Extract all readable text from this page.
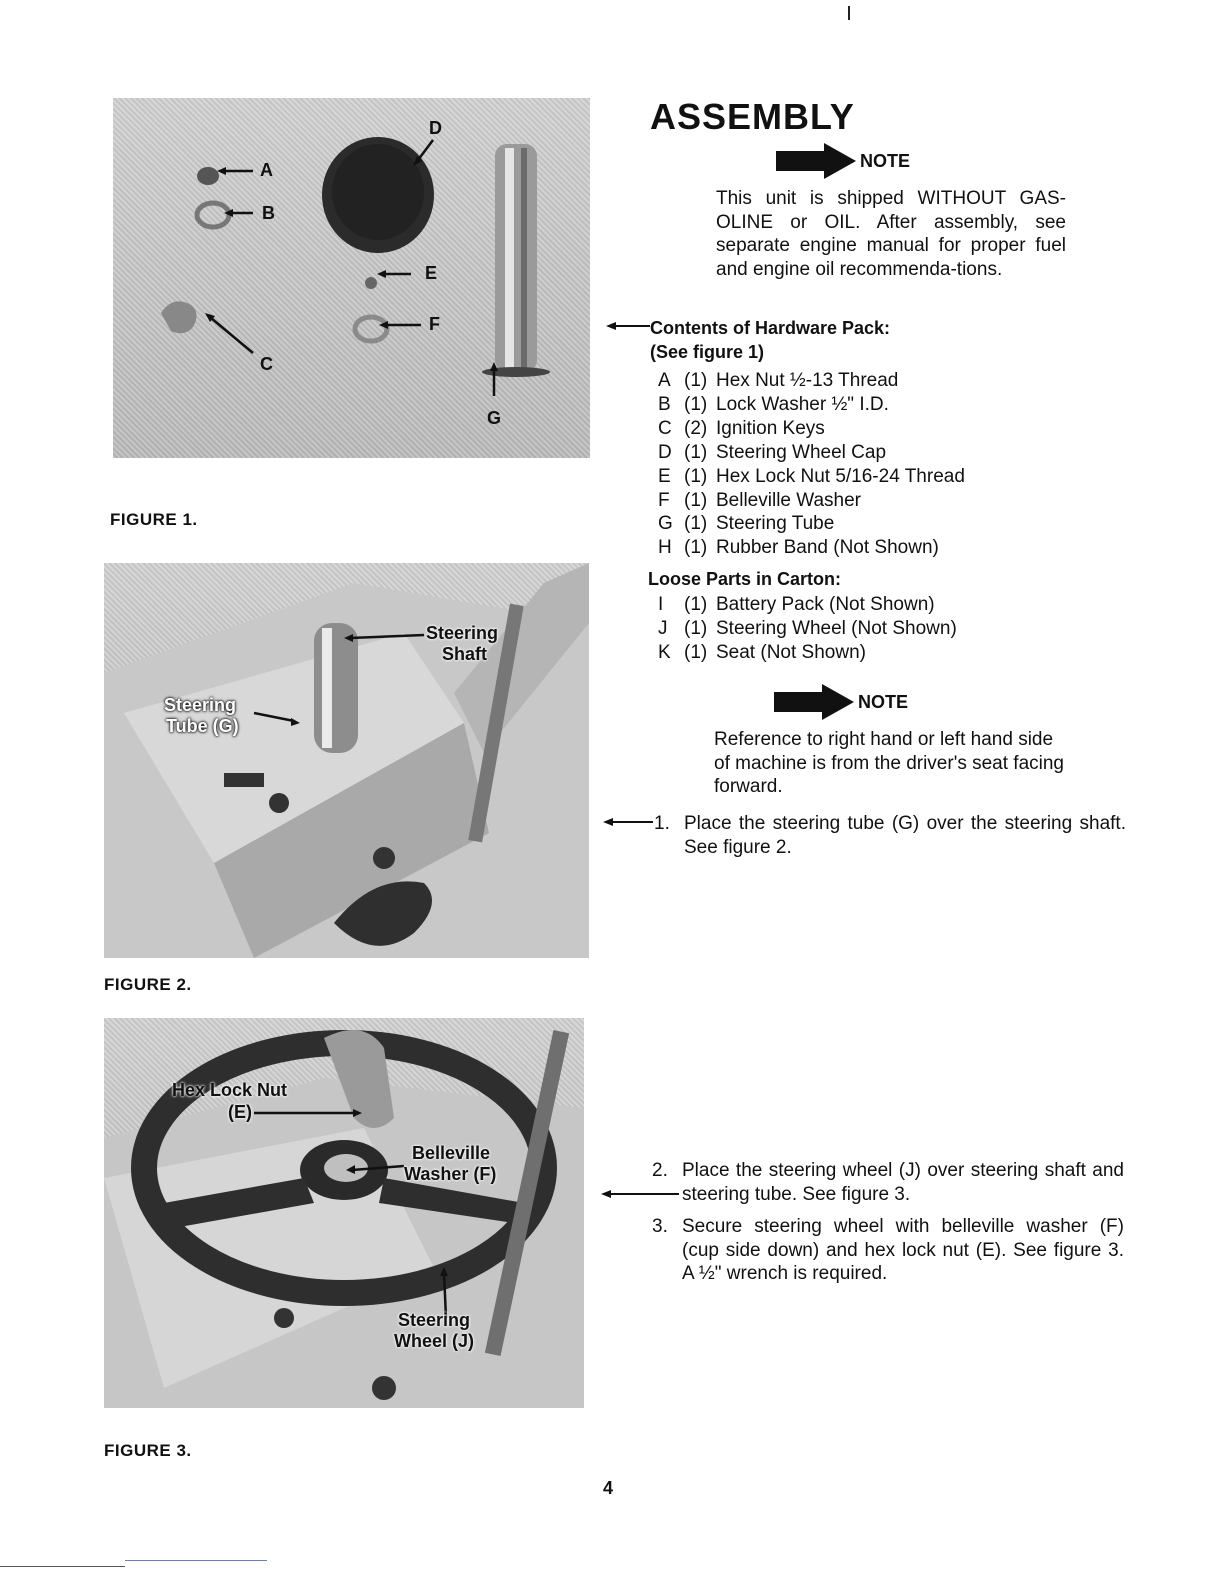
A
B
C
D
E
F
G
FIGURE 1.
Steering
Shaft
Steering
Tube (G)
FIGURE 2.
Hex Lock Nut
(E)
Belleville
Washer (F)
Steering
Wheel (J)
FIGURE 3.
ASSEMBLY
NOTE
This unit is shipped WITHOUT GAS-OLINE or OIL. After assembly, see separate engine manual for proper fuel and engine oil recommenda-tions.
Contents of Hardware Pack:
(See figure 1)
A (1) Hex Nut ½-13 Thread
B (1) Lock Washer ½" I.D.
C (2) Ignition Keys
D (1) Steering Wheel Cap
E (1) Hex Lock Nut 5/16-24 Thread
F (1) Belleville Washer
G (1) Steering Tube
H (1) Rubber Band (Not Shown)
Loose Parts in Carton:
I	(1) Battery Pack (Not Shown)
J (1) Steering Wheel (Not Shown)
K (1) Seat (Not Shown)
NOTE
Reference to right hand or left hand side of machine is from the driver's seat facing forward.
1. Place the steering tube (G) over the steering shaft. See figure 2.
2. Place the steering wheel (J) over steering shaft and steering tube. See figure 3.
3. Secure steering wheel with belleville washer (F) (cup side down) and hex lock nut (E). See figure 3. A ½" wrench is required.
4
